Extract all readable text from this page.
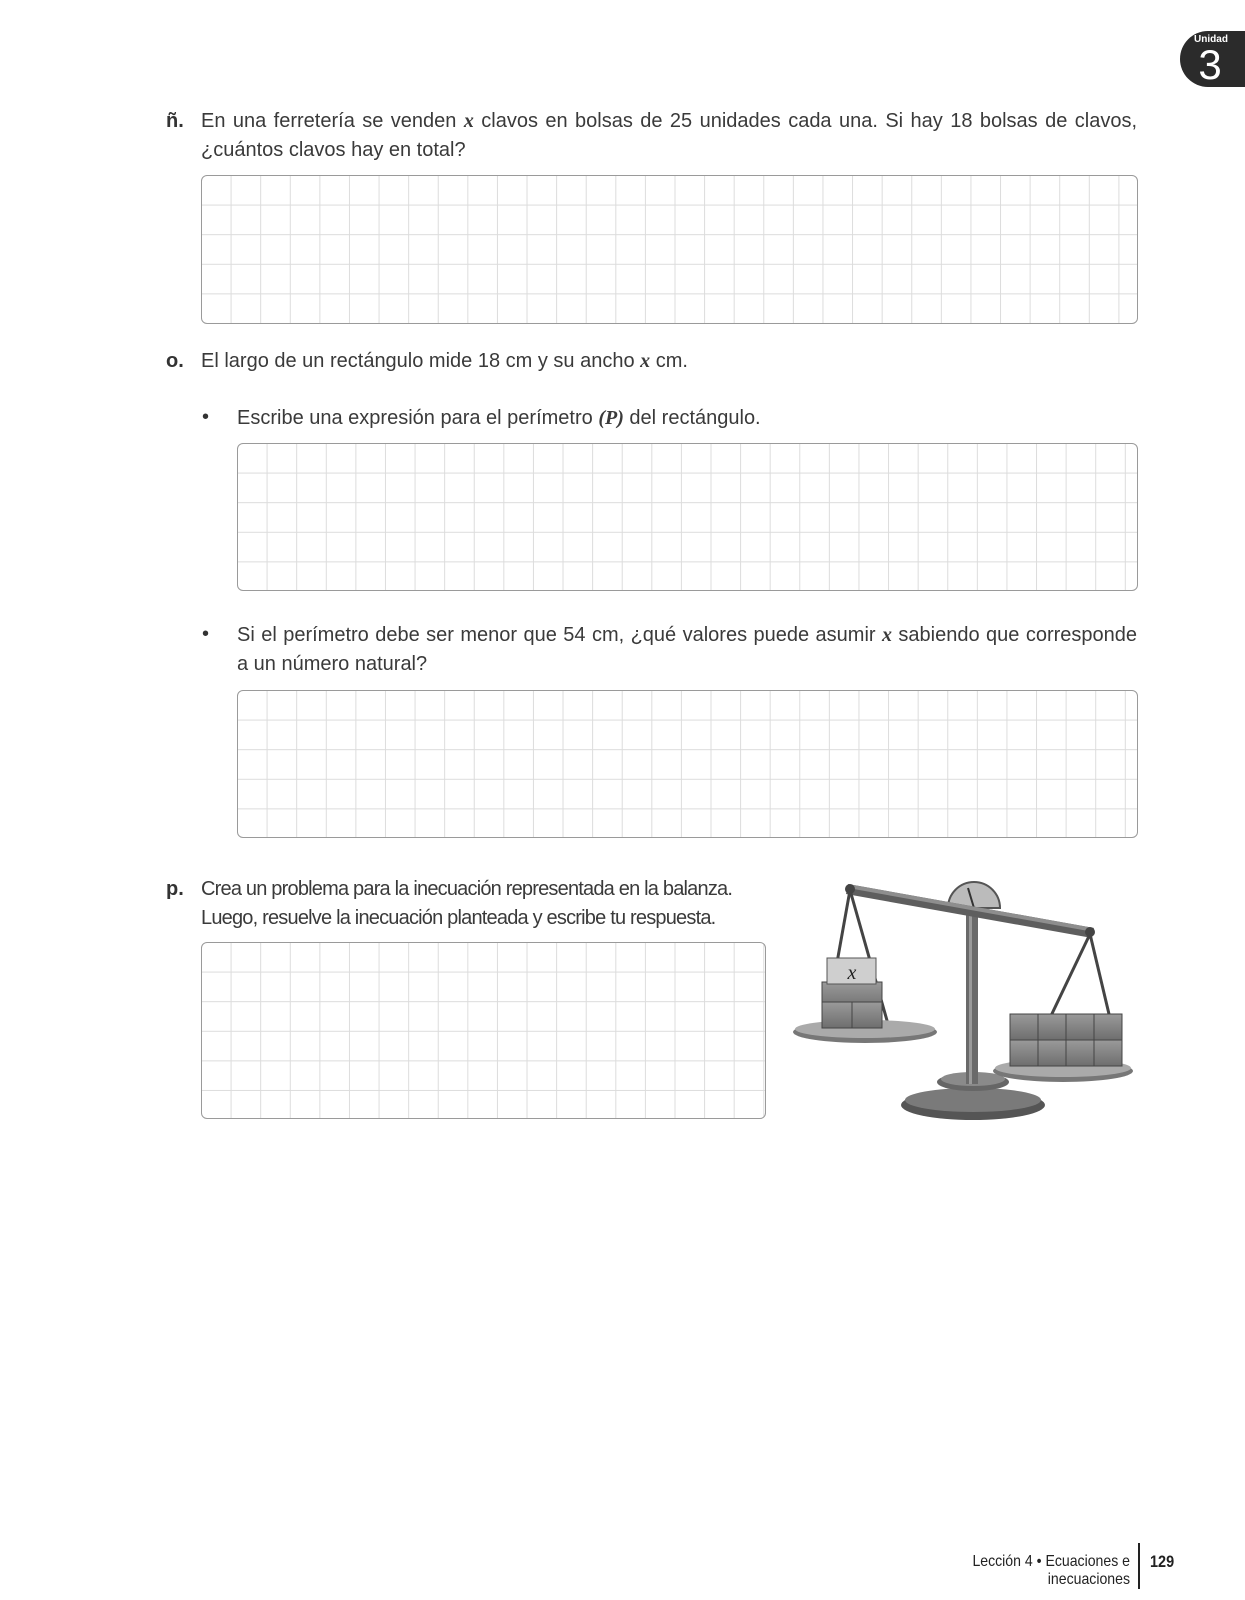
Unidad
3
ñ. En una ferretería se venden x clavos en bolsas de 25 unidades cada una. Si hay 18 bolsas de clavos, ¿cuántos clavos hay en total?
o. El largo de un rectángulo mide 18 cm y su ancho x cm.
• Escribe una expresión para el perímetro (P) del rectángulo.
• Si el perímetro debe ser menor que 54 cm, ¿qué valores puede asumir x sabiendo que corresponde a un número natural?
p. Crea un problema para la inecuación representada en la balanza.
Luego, resuelve la inecuación planteada y escribe tu respuesta.
x
Lección 4 • Ecuaciones e inecuaciones
129
